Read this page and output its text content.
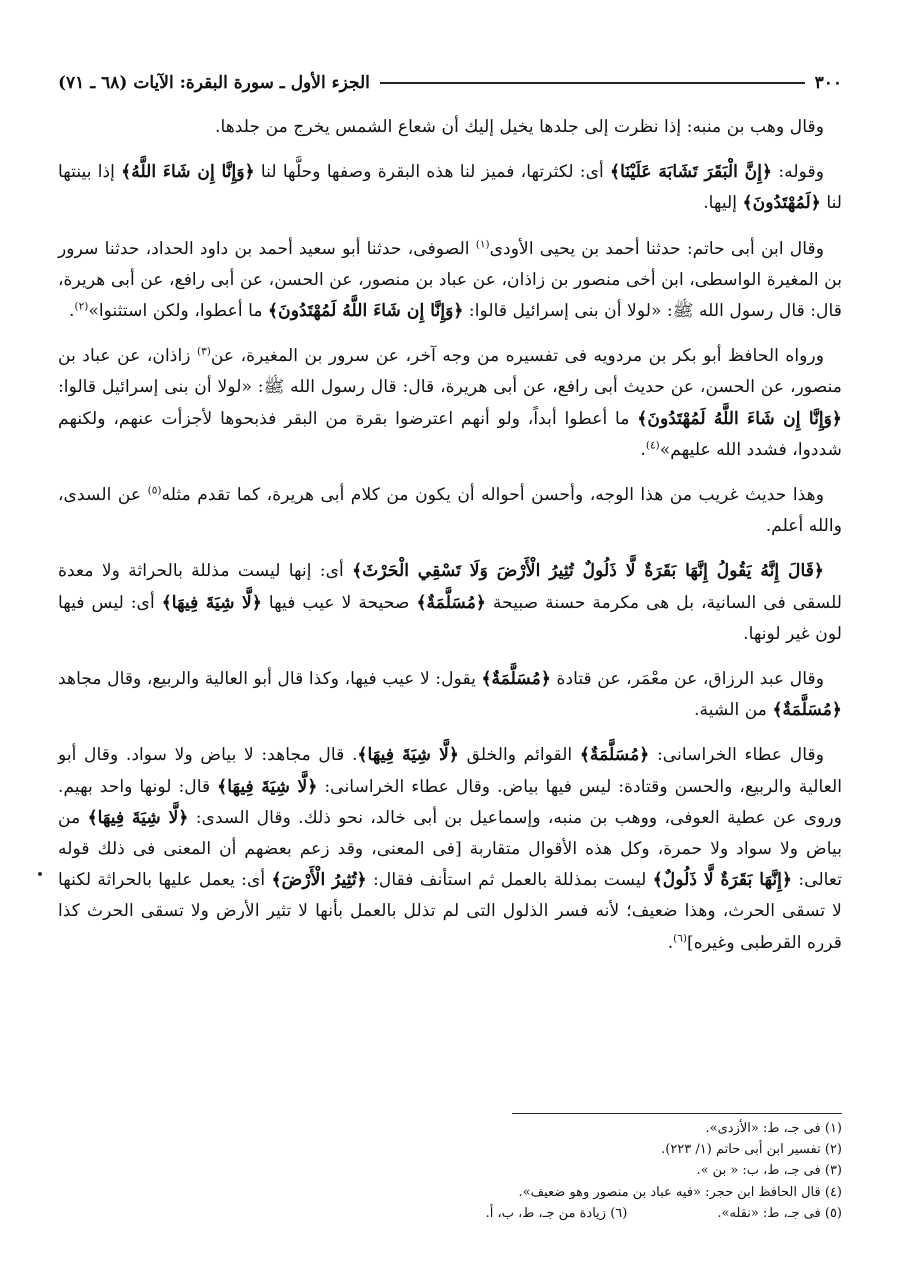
٣٠٠
الجزء الأول ـ سورة البقرة: الآيات (٦٨ ـ ٧١)

وقال وهب بن منبه: إذا نظرت إلى جلدها يخيل إليك أن شعاع الشمس يخرج من جلدها.

وقوله: ﴿إِنَّ الْبَقَرَ تَشَابَهَ عَلَيْنَا﴾ أى: لكثرتها، فميز لنا هذه البقرة وصفها وحلَّها لنا ﴿وَإِنَّا إِن شَاءَ اللَّهُ﴾ إذا بينتها لنا ﴿لَمُهْتَدُونَ﴾ إليها.

وقال ابن أبى حاتم: حدثنا أحمد بن يحيى الأودى$^{(١)}$ الصوفى، حدثنا أبو سعيد أحمد بن داود الحداد، حدثنا سرور بن المغيرة الواسطى، ابن أخى منصور بن زاذان، عن عباد بن منصور، عن الحسن، عن أبى رافع، عن أبى هريرة، قال: قال رسول الله ﷺ: «لولا أن بنى إسرائيل قالوا: ﴿وَإِنَّا إِن شَاءَ اللَّهُ لَمُهْتَدُونَ﴾ ما أعطوا، ولكن استثنوا»$^{(٢)}$.

ورواه الحافظ أبو بكر بن مردويه فى تفسيره من وجه آخر، عن سرور بن المغيرة، عن$^{(٣)}$ زاذان، عن عباد بن منصور، عن الحسن، عن حديث أبى رافع، عن أبى هريرة، قال: قال رسول الله ﷺ: «لولا أن بنى إسرائيل قالوا: ﴿وَإِنَّا إِن شَاءَ اللَّهُ لَمُهْتَدُونَ﴾ ما أعطوا أبداً، ولو أنهم اعترضوا بقرة من البقر فذبحوها لأجزأت عنهم، ولكنهم شددوا، فشدد الله عليهم»$^{(٤)}$.

وهذا حديث غريب من هذا الوجه، وأحسن أحواله أن يكون من كلام أبى هريرة، كما تقدم مثله$^{(٥)}$ عن السدى، والله أعلم.

﴿قَالَ إِنَّهُ يَقُولُ إِنَّهَا بَقَرَةٌ لَّا ذَلُولٌ تُثِيرُ الْأَرْضَ وَلَا تَسْقِي الْحَرْثَ﴾ أى: إنها ليست مذللة بالحراثة ولا معدة للسقى فى السانية، بل هى مكرمة حسنة صبيحة ﴿مُسَلَّمَةٌ﴾ صحيحة لا عيب فيها ﴿لَّا شِيَةَ فِيهَا﴾ أى: ليس فيها لون غير لونها.

وقال عبد الرزاق، عن معْمَر، عن قتادة ﴿مُسَلَّمَةٌ﴾ يقول: لا عيب فيها، وكذا قال أبو العالية والربيع، وقال مجاهد ﴿مُسَلَّمَةٌ﴾ من الشية.

وقال عطاء الخراسانى: ﴿مُسَلَّمَةٌ﴾ القوائم والخلق ﴿لَّا شِيَةَ فِيهَا﴾. قال مجاهد: لا بياض ولا سواد. وقال أبو العالية والربيع، والحسن وقتادة: ليس فيها بياض. وقال عطاء الخراسانى: ﴿لَّا شِيَةَ فِيهَا﴾ قال: لونها واحد بهيم. وروى عن عطية العوفى، ووهب بن منبه، وإسماعيل بن أبى خالد، نحو ذلك. وقال السدى: ﴿لَّا شِيَةَ فِيهَا﴾ من بياض ولا سواد ولا حمرة، وكل هذه الأقوال متقاربة [فى المعنى، وقد زعم بعضهم أن المعنى فى ذلك قوله تعالى: ﴿إِنَّهَا بَقَرَةٌ لَّا ذَلُولٌ﴾ ليست بمذللة بالعمل ثم استأنف فقال: ﴿تُثِيرُ الْأَرْضَ﴾ أى: يعمل عليها بالحراثة لكنها لا تسقى الحرث، وهذا ضعيف؛ لأنه فسر الذلول التى لم تذلل بالعمل بأنها لا تثير الأرض ولا تسقى الحرث كذا قرره القرطبى وغيره]$^{(٦)}$.

(١) فى جـ، ط: «الأزدى».
(٢) تفسير ابن أبى حاتم (١/ ٢٢٣).
(٣) فى جـ، ط، ب: « بن ».
(٤) قال الحافظ ابن حجر: «فيه عباد بن منصور وهو ضعيف».
(٥) فى جـ، ط: «نقله».
(٦) زيادة من جـ، ط، ب، أ.
